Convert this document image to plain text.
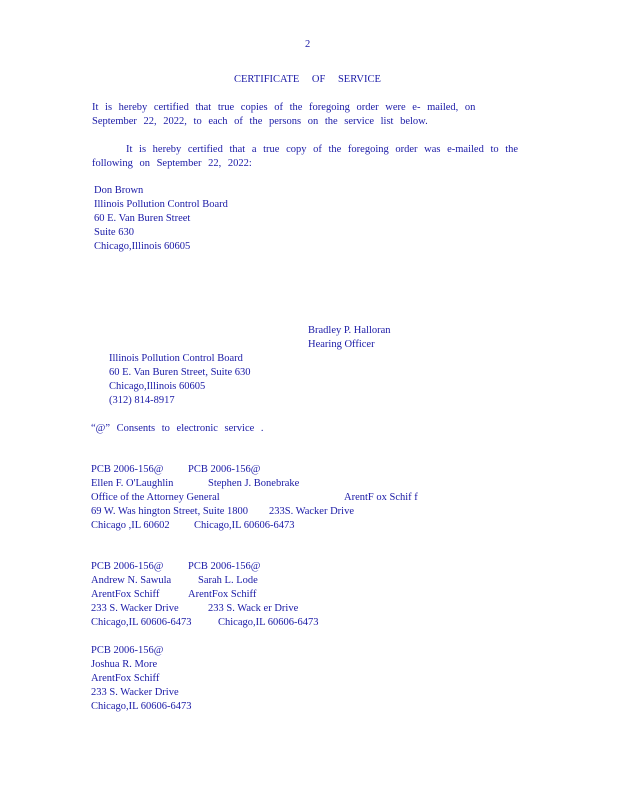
2
CERTIFICATE OF SERVICE
It is hereby certified that true copies of the foregoing order were e- mailed, on
September 22, 2022, to each of the persons on the service list below.
It is hereby certified that a true copy of the foregoing order was e-mailed to the
following on September 22, 2022:
Don Brown
Illinois Pollution Control Board
60 E. Van Buren Street
Suite 630
Chicago,Illinois 60605
Bradley P. Halloran
Hearing Officer
Illinois Pollution Control Board
60 E. Van Buren Street, Suite 630
Chicago,Illinois 60605
(312) 814-8917
“@” Consents to electronic service .
PCB 2006-156@
Ellen F. O'Laughlin
Office of the Attorney General
69 W. Was hington Street, Suite 1800
Chicago ,IL 60602
PCB 2006-156@
Stephen J. Bonebrake
ArentF ox Schif f
233S. Wacker Drive
Chicago,IL 60606-6473
PCB 2006-156@
Andrew N. Sawula
ArentFox Schiff
233 S. Wacker Drive
Chicago,IL 60606-6473
PCB 2006-156@
Sarah L. Lode
ArentFox Schiff
233 S. Wack er Drive
Chicago,IL 60606-6473
PCB 2006-156@
Joshua R. More
ArentFox Schiff
233 S. Wacker Drive
Chicago,IL 60606-6473
